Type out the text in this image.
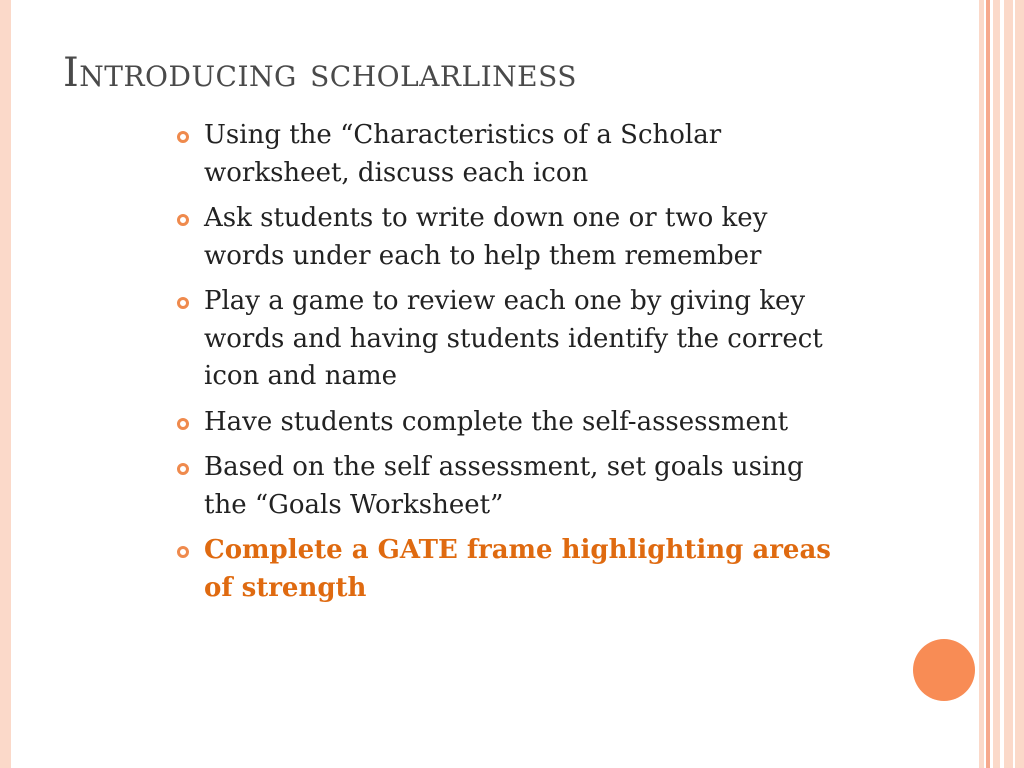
Introducing scholarliness
Using the “Characteristics of a Scholar worksheet, discuss each icon
Ask students to write down one or two key words under each to help them remember
Play a game to review each one by giving key words and having students identify the correct icon and name
Have students complete the self-assessment
Based on the self assessment, set goals using the “Goals Worksheet”
Complete a GATE frame highlighting areas of strength
